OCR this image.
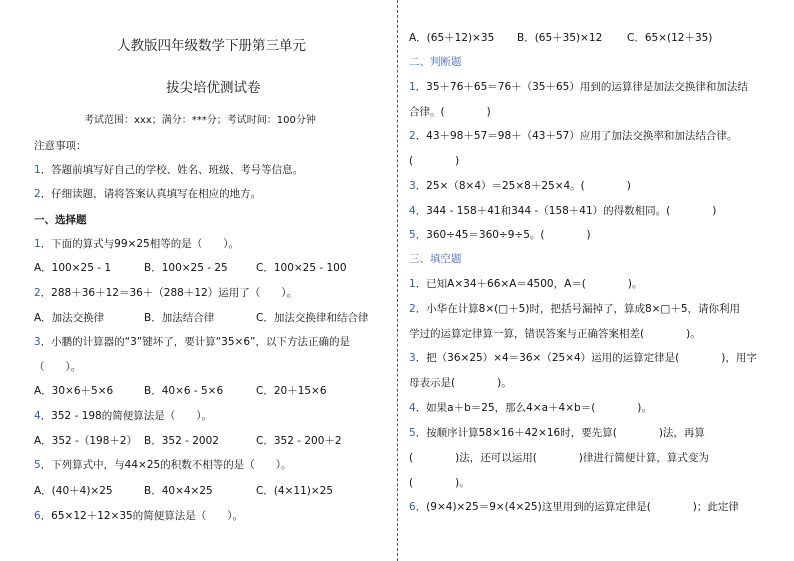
人教版四年级数学下册第三单元
拔尖培优测试卷
考试范围：xxx；满分：***分；考试时间：100分钟
注意事项：
1．答题前填写好自己的学校、姓名、班级、考号等信息。
2．仔细读题，请将答案认真填写在相应的地方。
一、选择题
1．下面的算式与99×25相等的是（　　）。
A．100×25 - 1	B．100×25 - 25	C．100×25 - 100
2．288＋36＋12＝36＋（288＋12）运用了（　　）。
A．加法交换律	B．加法结合律	C．加法交换律和结合律
3．小鹏的计算器的“3”键坏了，要计算“35×6”，以下方法正确的是
（　　）。
A．30×6＋5×6	B．40×6 - 5×6	C．20＋15×6
4．352 - 198的简便算法是（　　）。
A．352 -（198＋2） B．352 - 2002	C．352 - 200＋2
5．下列算式中，与44×25的积数不相等的是（　　）。
A．(40＋4)×25	B．40×4×25	C．(4×11)×25
6．65×12＋12×35的简便算法是（　　）。
A．(65＋12)×35 B．(65＋35)×12 C．65×(12＋35)
二、判断题
1．35＋76＋65＝76＋（35＋65）用到的运算律是加法交换律和加法结
合律。(　　　　)
2．43＋98＋57＝98＋（43＋57）应用了加法交换率和加法结合律。
(　　　　)
3．25×（8×4）＝25×8＋25×4。(　　　　)
4．344 - 158＋41和344 -（158＋41）的得数相同。(　　　　)
5．360÷45＝360÷9÷5。(　　　　)
三、填空题
1．已知A×34＋66×A＝4500，A＝(　　　　)。
2．小华在计算8×(□＋5)时，把括号漏掉了，算成8×□＋5，请你利用
学过的运算定律算一算，错误答案与正确答案相差(　　　　)。
3．把（36×25）×4＝36×（25×4）运用的运算定律是(　　　　)，用字
母表示是(　　　　)。
4．如果a＋b＝25，那么4×a＋4×b＝(　　　　)。
5．按顺序计算58×16＋42×16时，要先算(　　　　)法，再算
(　　　　)法，还可以运用(　　　　)律进行简便计算，算式变为
(　　　　)。
6．(9×4)×25＝9×(4×25)这里用到的运算定律是(　　　　)；此定律
